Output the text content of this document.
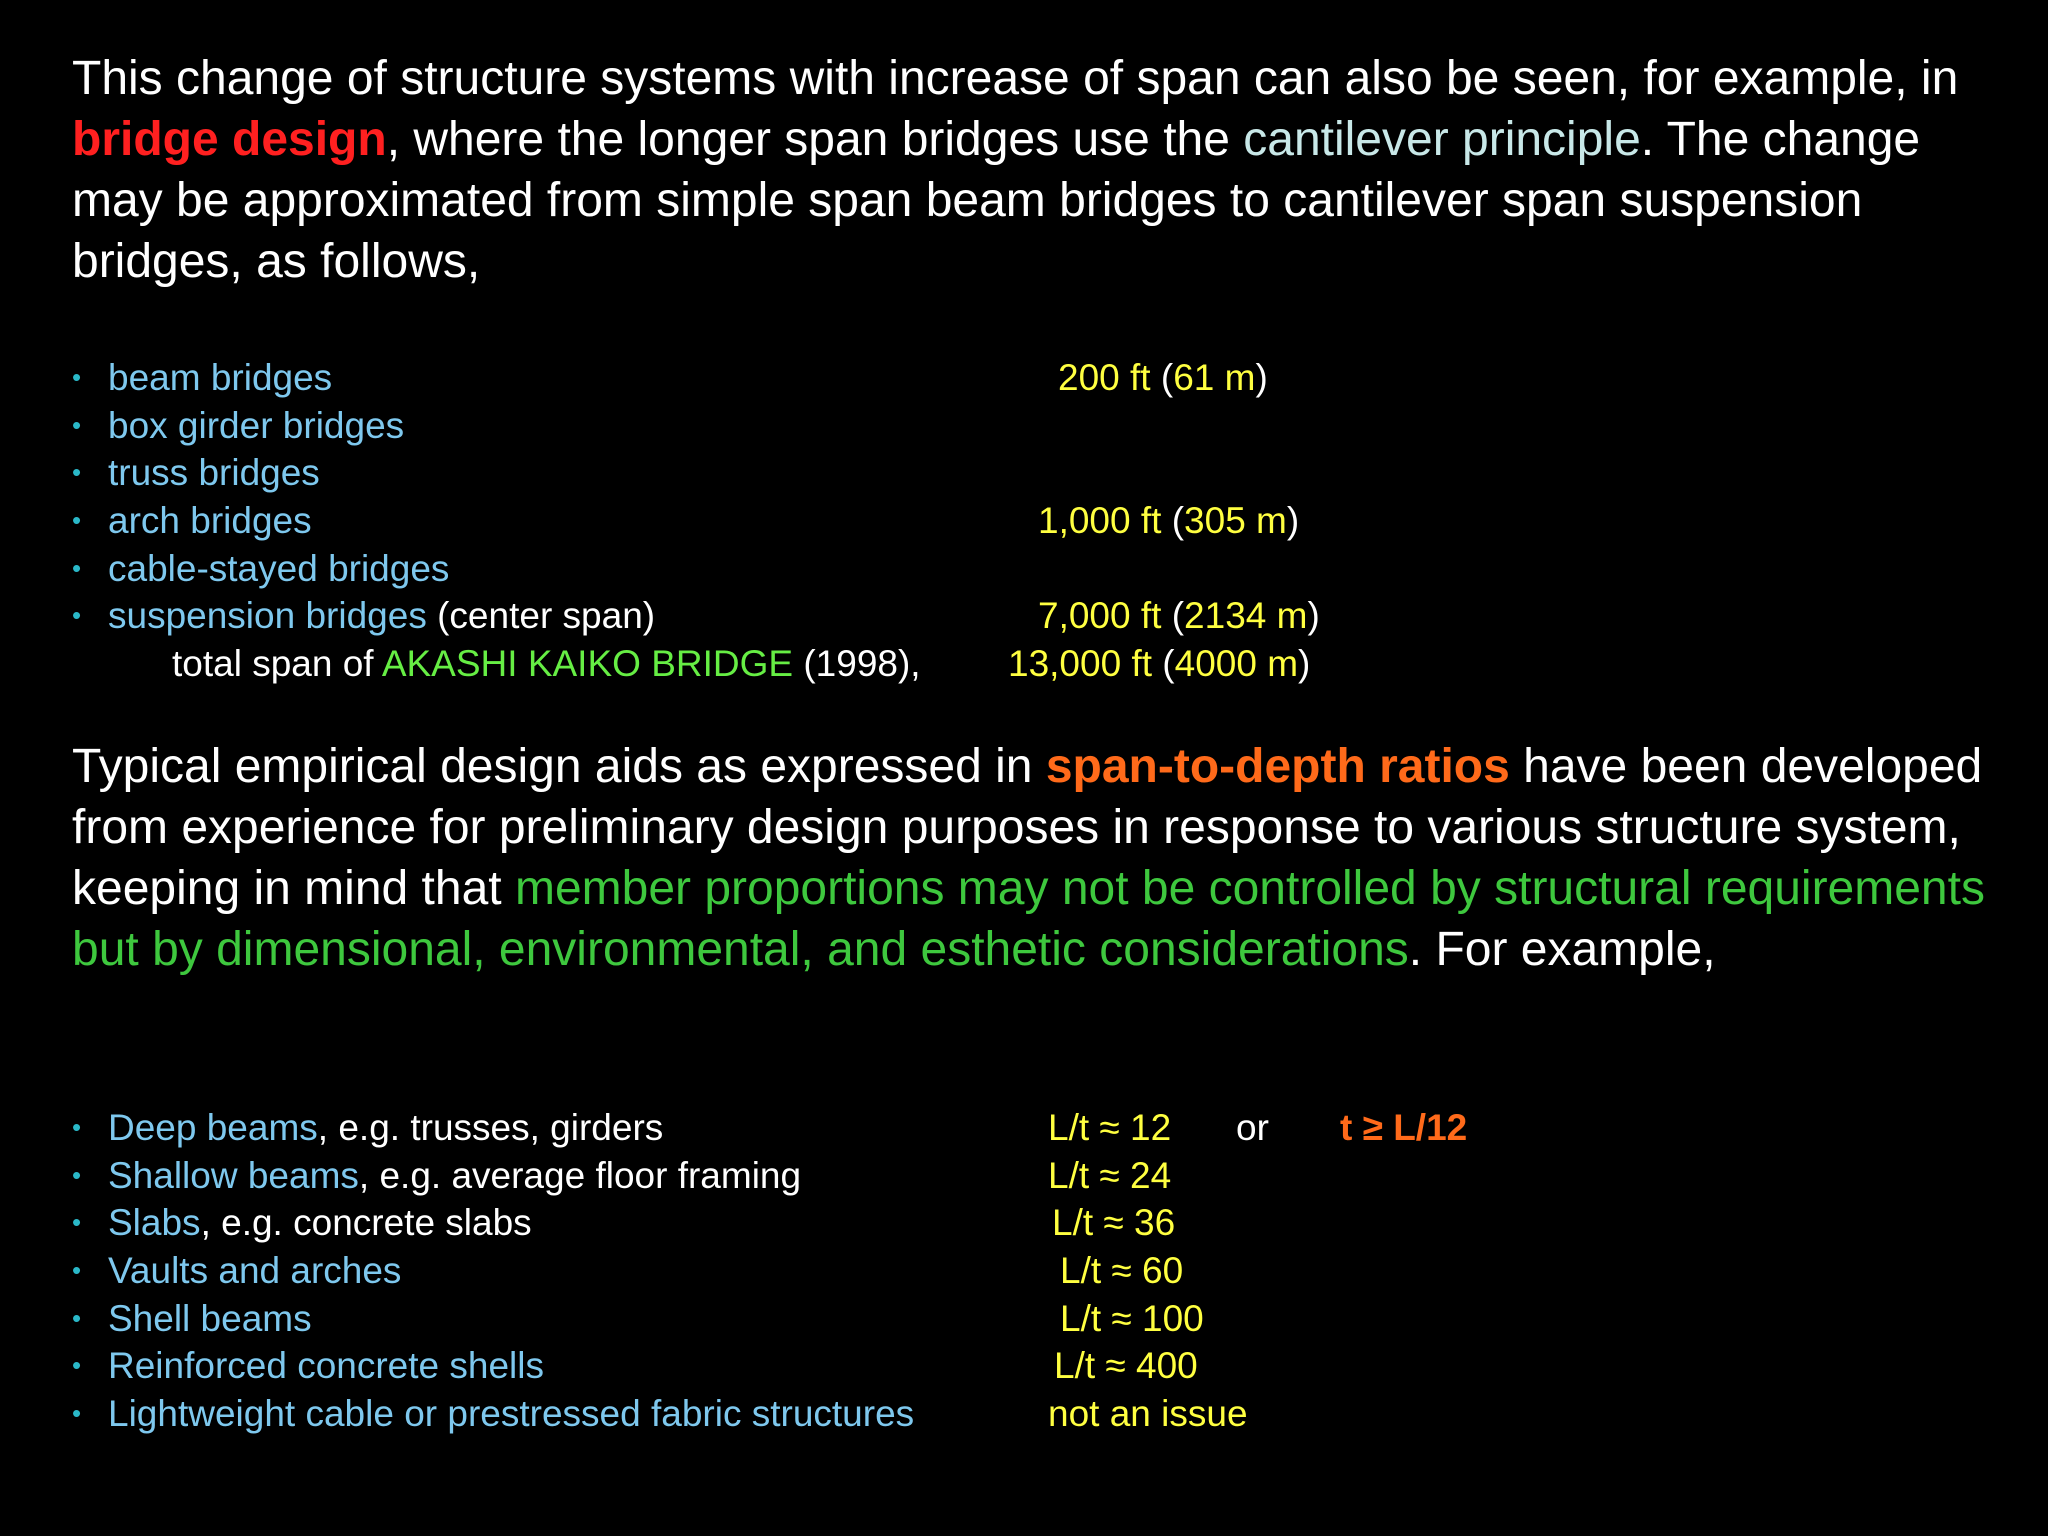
This change of structure systems with increase of span can also be seen, for example, in bridge design, where the longer span bridges use the cantilever principle. The change may be approximated from simple span beam bridges to cantilever span suspension bridges, as follows,

• beam bridges	200 ft (61 m)
• box girder bridges
• truss bridges
• arch bridges	1,000 ft (305 m)
• cable-stayed bridges
• suspension bridges (center span)	7,000 ft (2134 m)
total span of AKASHI KAIKO BRIDGE (1998), 13,000 ft (4000 m)

Typical empirical design aids as expressed in span-to-depth ratios have been developed from experience for preliminary design purposes in response to various structure system, keeping in mind that member proportions may not be controlled by structural requirements but by dimensional, environmental, and esthetic considerations. For example,

• Deep beams, e.g. trusses, girders	L/t ≈ 12 or t ≥ L/12
• Shallow beams, e.g. average floor framing	L/t ≈ 24
• Slabs, e.g. concrete slabs	L/t ≈ 36
• Vaults and arches	L/t ≈ 60
• Shell beams	L/t ≈ 100
• Reinforced concrete shells	L/t ≈ 400
• Lightweight cable or prestressed fabric structures	not an issue
